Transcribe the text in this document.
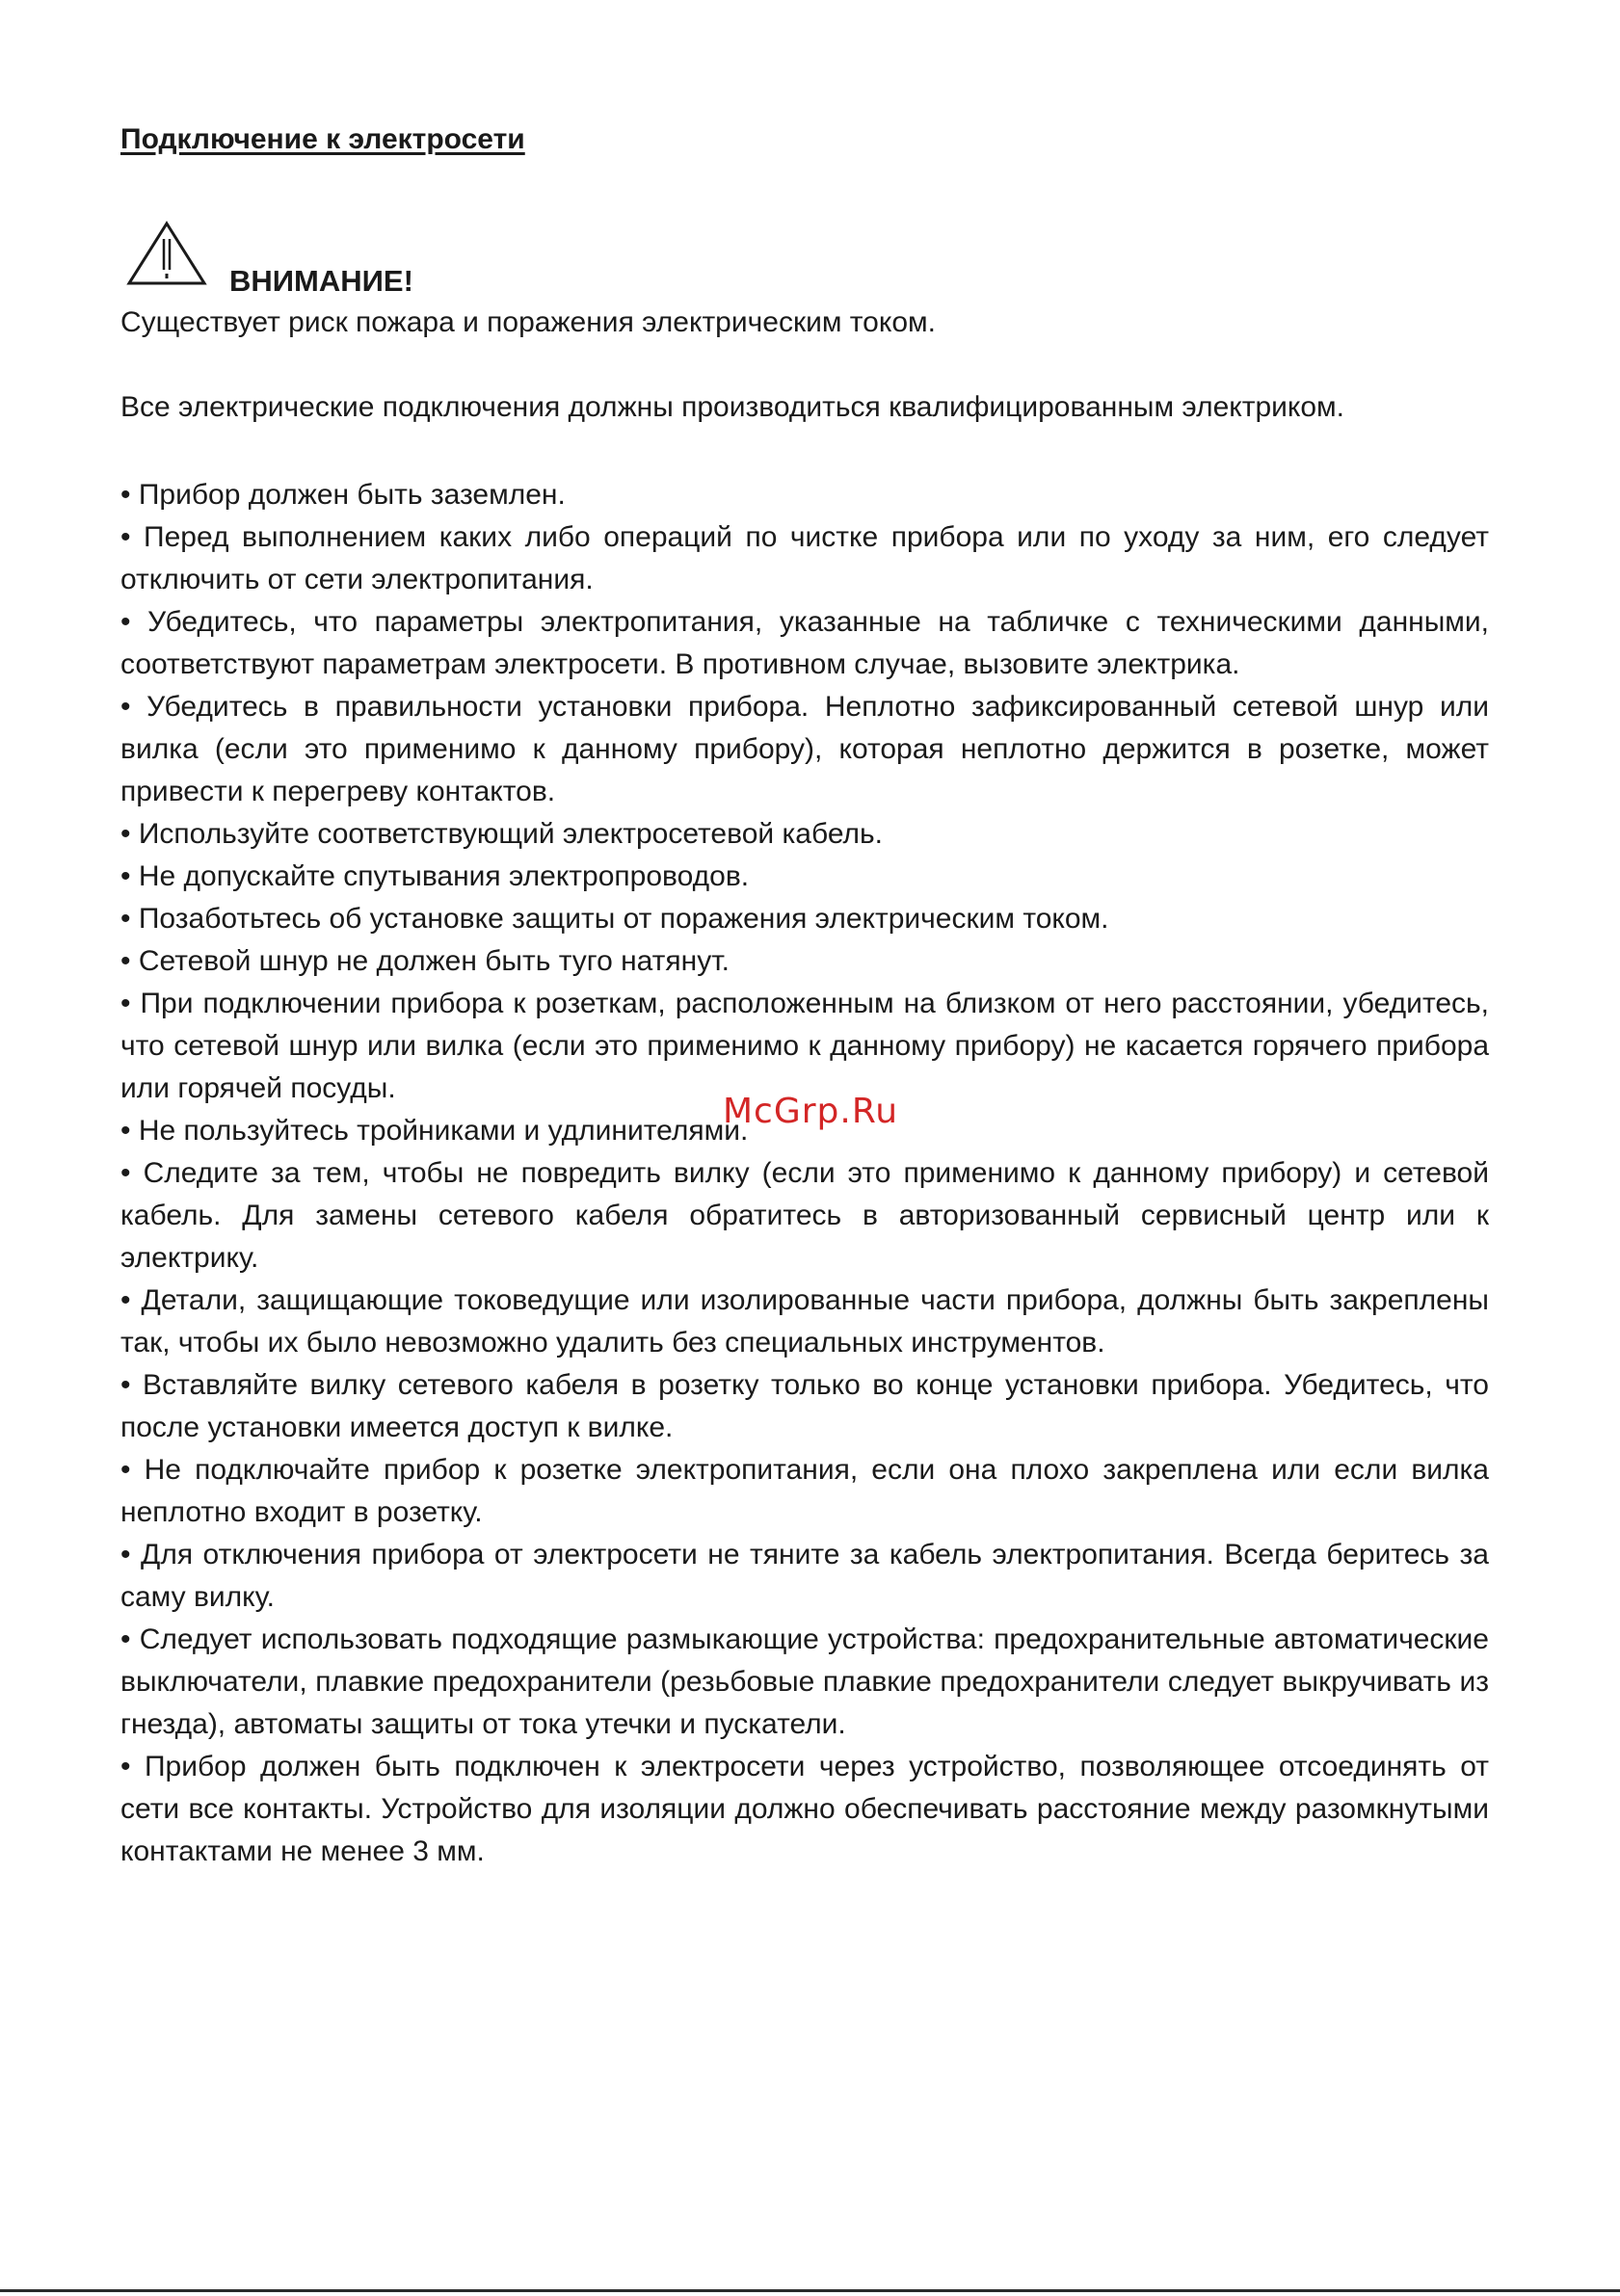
Подключение к электросети
ВНИМАНИЕ!
Существует риск пожара и поражения электрическим током.
Все электрические подключения должны производиться квалифицированным электриком.
• Прибор должен быть заземлен.
• Перед выполнением каких либо операций по чистке прибора или по уходу за ним, его следует отключить от сети электропитания.
• Убедитесь, что параметры электропитания, указанные на табличке с техническими данными, соответствуют параметрам электросети. В противном случае, вызовите электрика.
• Убедитесь в правильности установки прибора. Неплотно зафиксированный сетевой шнур или вилка (если это применимо к данному прибору), которая неплотно держится в розетке, может привести к перегреву контактов.
• Используйте соответствующий электросетевой кабель.
• Не допускайте спутывания электропроводов.
• Позаботьтесь об установке защиты от поражения электрическим током.
• Сетевой шнур не должен быть туго натянут.
• При подключении прибора к розеткам, расположенным на близком от него расстоянии, убедитесь, что сетевой шнур или вилка (если это применимо к данному прибору) не касается горячего прибора или горячей посуды.
• Не пользуйтесь тройниками и удлинителями.
• Следите за тем, чтобы не повредить вилку (если это применимо к данному прибору) и сетевой кабель. Для замены сетевого кабеля обратитесь в авторизованный сервисный центр или к электрику.
• Детали, защищающие токоведущие или изолированные части прибора, должны быть закреплены так, чтобы их было невозможно удалить без специальных инструментов.
• Вставляйте вилку сетевого кабеля в розетку только во конце установки прибора. Убедитесь, что после установки имеется доступ к вилке.
• Не подключайте прибор к розетке электропитания, если она плохо закреплена или если вилка неплотно входит в розетку.
• Для отключения прибора от электросети не тяните за кабель электропитания. Всегда беритесь за саму вилку.
• Следует использовать подходящие размыкающие устройства: предохранительные автоматические выключатели, плавкие предохранители (резьбовые плавкие предохранители следует выкручивать из гнезда), автоматы защиты от тока утечки и пускатели.
• Прибор должен быть подключен к электросети через устройство, позволяющее отсоединять от сети все контакты. Устройство для изоляции должно обеспечивать расстояние между разомкнутыми контактами не менее 3 мм.
McGrp.Ru
